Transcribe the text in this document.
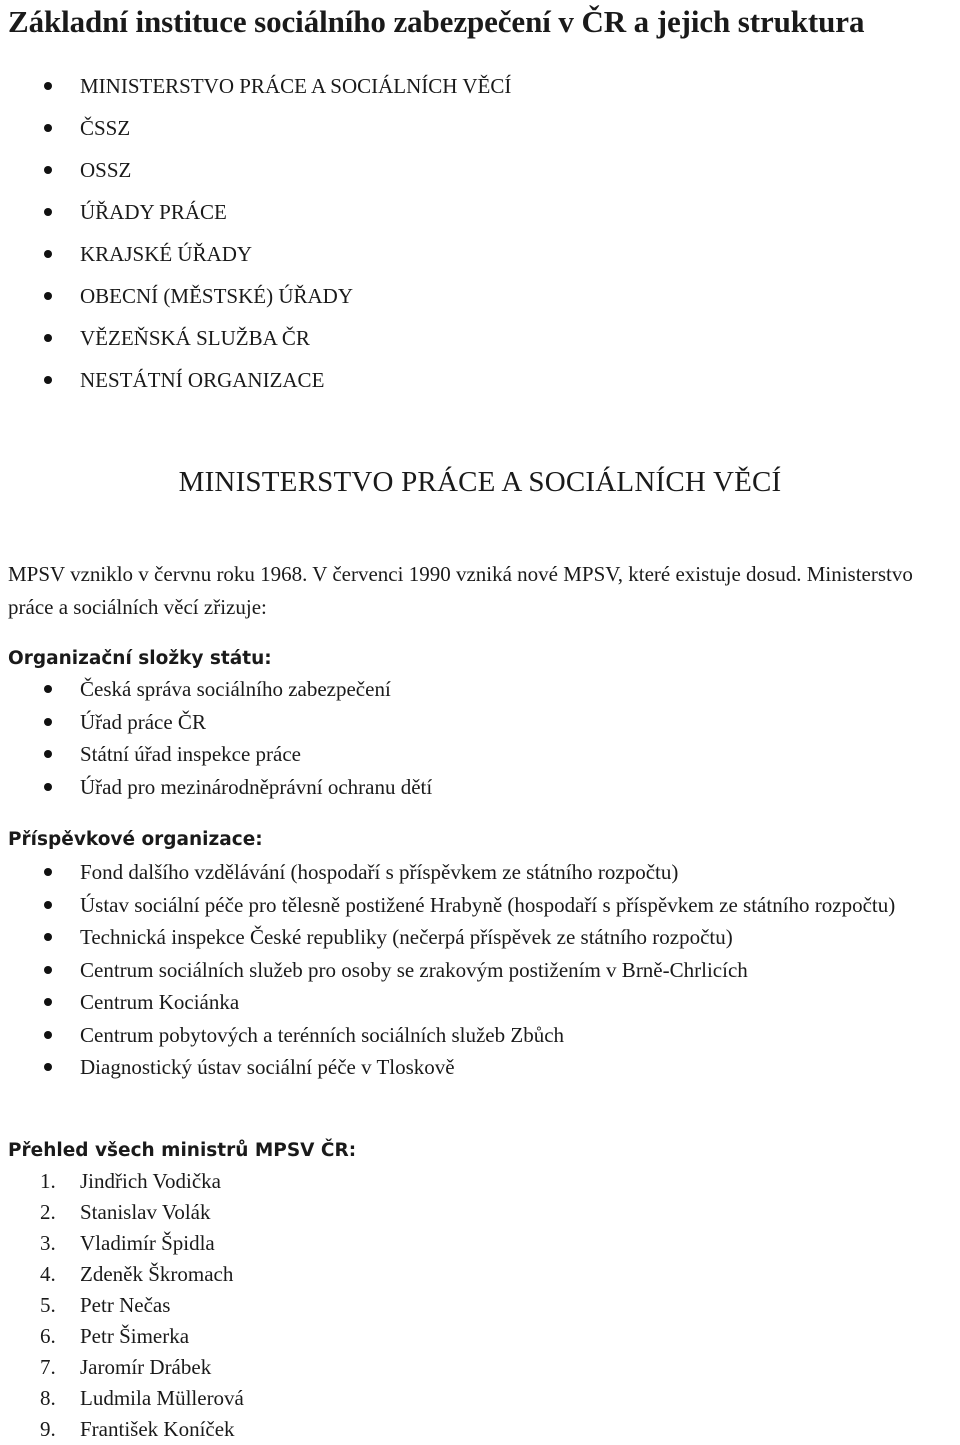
Základní instituce sociálního zabezpečení v ČR a jejich struktura
MINISTERSTVO PRÁCE A SOCIÁLNÍCH VĚCÍ
ČSSZ
OSSZ
ÚŘADY PRÁCE
KRAJSKÉ ÚŘADY
OBECNÍ (MĚSTSKÉ) ÚŘADY
VĚZEŇSKÁ SLUŽBA ČR
NESTÁTNÍ ORGANIZACE
MINISTERSTVO PRÁCE A SOCIÁLNÍCH VĚCÍ

MPSV vzniklo v červnu roku 1968. V červenci 1990 vzniká nové MPSV, které existuje dosud. Ministerstvo práce a sociálních věcí zřizuje:

Organizační složky státu:
Česká správa sociálního zabezpečení
Úřad práce ČR
Státní úřad inspekce práce
Úřad pro mezinárodněprávní ochranu dětí
Příspěvkové organizace:
Fond dalšího vzdělávání (hospodaří s příspěvkem ze státního rozpočtu)
Ústav sociální péče pro tělesně postižené Hrabyně (hospodaří s příspěvkem ze státního rozpočtu)
Technická inspekce České republiky (nečerpá příspěvek ze státního rozpočtu)
Centrum sociálních služeb pro osoby se zrakovým postižením v Brně-Chrlicích
Centrum Kociánka
Centrum pobytových a terénních sociálních služeb Zbůch
Diagnostický ústav sociální péče v Tloskově
Přehled všech ministrů MPSV ČR:
1.	Jindřich Vodička
2.	Stanislav Volák
3.	Vladimír Špidla
4.	Zdeněk Škromach
5.	Petr Nečas
6.	Petr Šimerka
7.	Jaromír Drábek
8.	Ludmila Müllerová
9.	František Koníček
